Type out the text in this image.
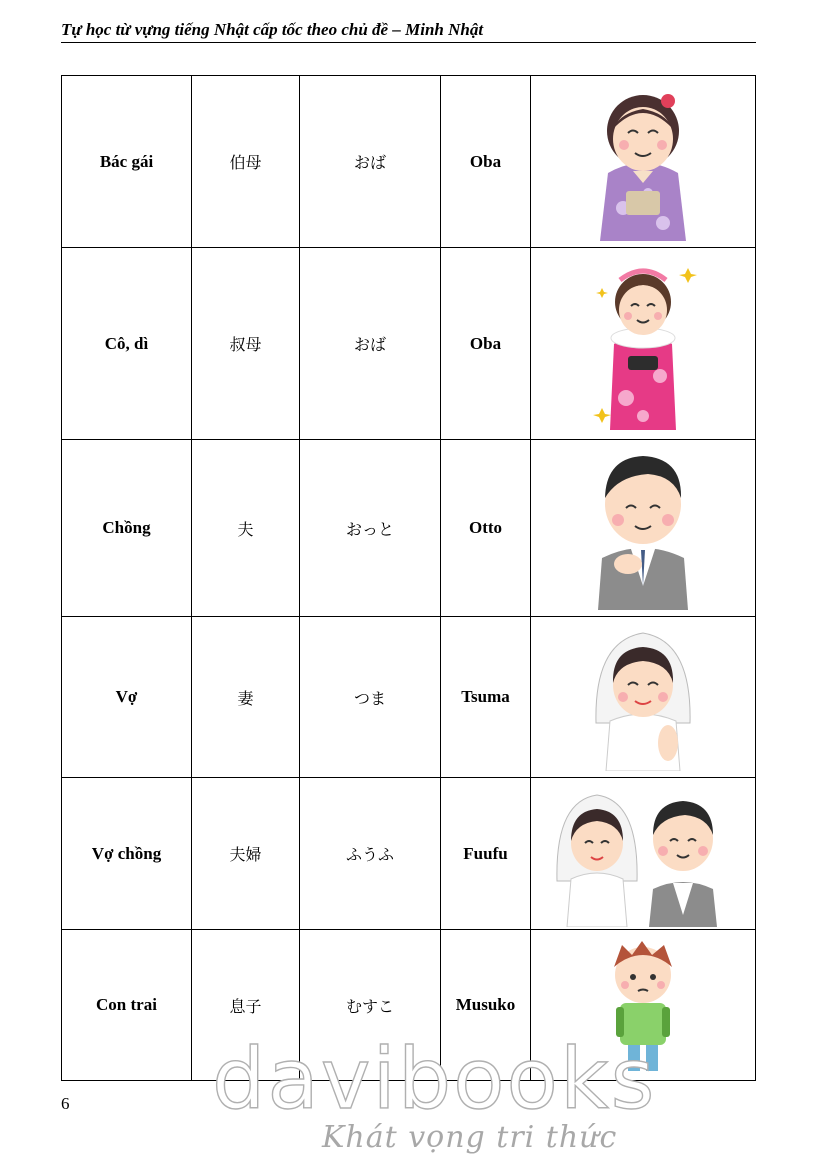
Tự học từ vựng tiếng Nhật cấp tốc theo chủ đề – Minh Nhật
Bác gái	伯母	おば	Oba	

Cô, dì	叔母	おば	Oba	

Chồng	夫	おっと	Otto	

Vợ	妻	つま	Tsuma	

Vợ chồng	夫婦	ふうふ	Fuufu	

Con trai	息子	むすこ	Musuko	
6 davibooks
Khát vọng tri thức
